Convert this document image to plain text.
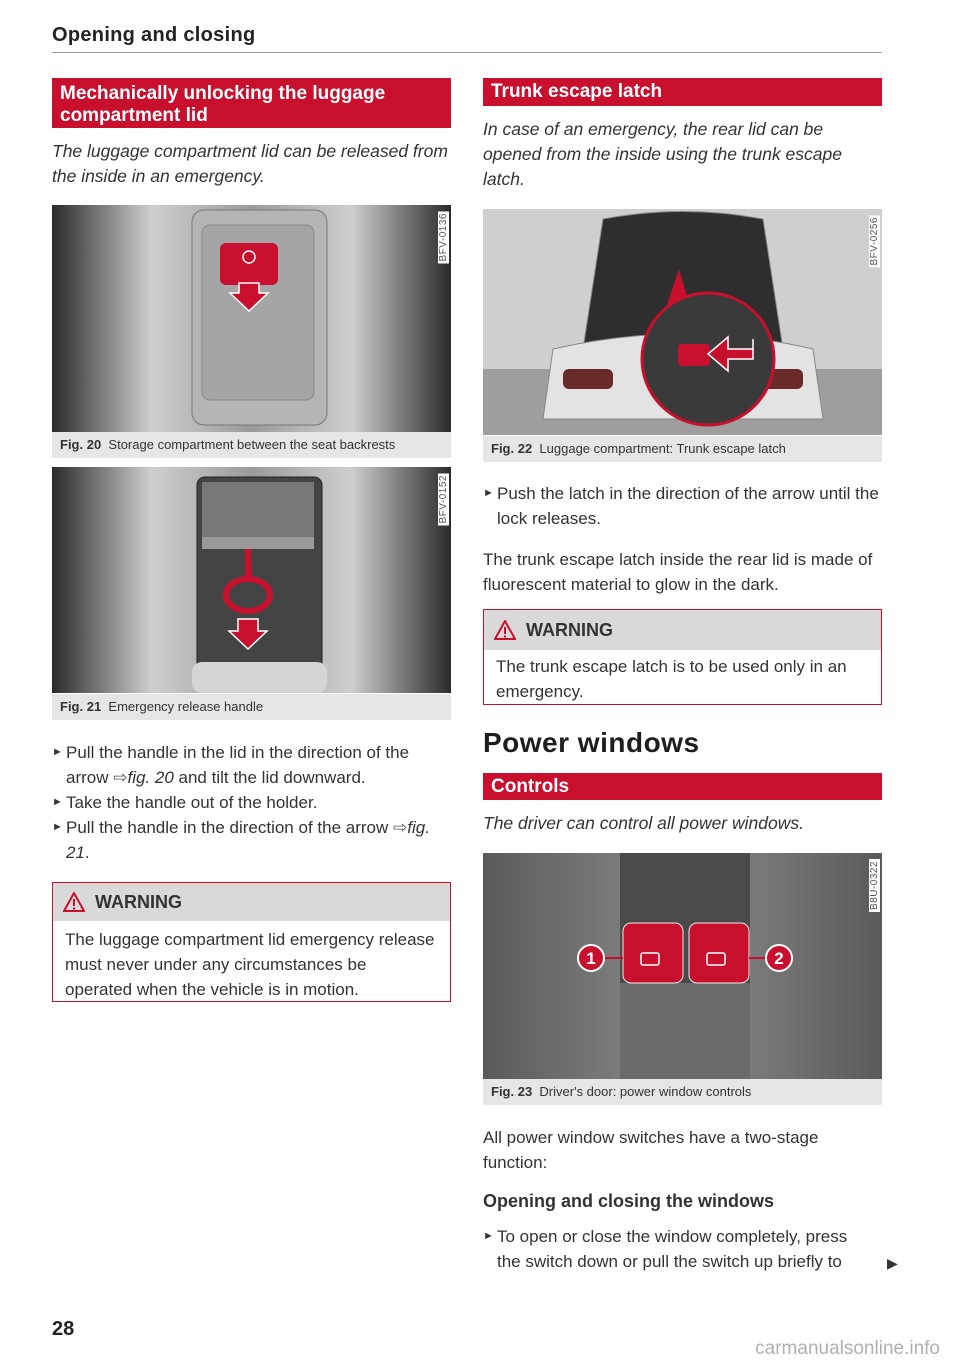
Opening and closing
Mechanically unlocking the luggage compartment lid
The luggage compartment lid can be released from the inside in an emergency.
BFV-0136
Fig. 20 Storage compartment between the seat backrests
BFV-0152
Fig. 21 Emergency release handle
► Pull the handle in the lid in the direction of the arrow ⇨fig. 20 and tilt the lid downward.
► Take the handle out of the holder.
► Pull the handle in the direction of the arrow ⇨fig. 21.
WARNING
The luggage compartment lid emergency release must never under any circumstances be operated when the vehicle is in motion.
Trunk escape latch
In case of an emergency, the rear lid can be opened from the inside using the trunk escape latch.
BFV-0256
Fig. 22 Luggage compartment: Trunk escape latch
► Push the latch in the direction of the arrow until the lock releases.
The trunk escape latch inside the rear lid is made of fluorescent material to glow in the dark.
WARNING
The trunk escape latch is to be used only in an emergency.
Power windows
Controls
The driver can control all power windows.
1	2
B8U-0322
Fig. 23 Driver's door: power window controls
All power window switches have a two-stage function:
Opening and closing the windows
► To open or close the window completely, press the switch down or pull the switch up briefly to	▶
28
carmanualsonline.info
